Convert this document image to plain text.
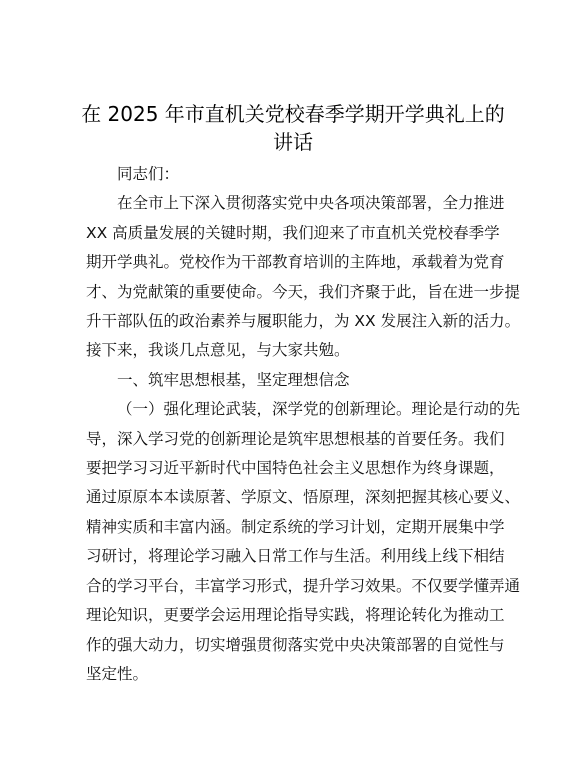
在 2025 年市直机关党校春季学期开学典礼上的
讲话

同志们：

在全市上下深入贯彻落实党中央各项决策部署，全力推进
XX 高质量发展的关键时期，我们迎来了市直机关党校春季学
期开学典礼。党校作为干部教育培训的主阵地，承载着为党育
才、为党献策的重要使命。今天，我们齐聚于此，旨在进一步提
升干部队伍的政治素养与履职能力，为 XX 发展注入新的活力。
接下来，我谈几点意见，与大家共勉。

一、筑牢思想根基，坚定理想信念

（一）强化理论武装，深学党的创新理论。理论是行动的先
导，深入学习党的创新理论是筑牢思想根基的首要任务。我们
要把学习习近平新时代中国特色社会主义思想作为终身课题，
通过原原本本读原著、学原文、悟原理，深刻把握其核心要义、
精神实质和丰富内涵。制定系统的学习计划，定期开展集中学
习研讨，将理论学习融入日常工作与生活。利用线上线下相结
合的学习平台，丰富学习形式，提升学习效果。不仅要学懂弄通
理论知识，更要学会运用理论指导实践，将理论转化为推动工
作的强大动力，切实增强贯彻落实党中央决策部署的自觉性与
坚定性。
